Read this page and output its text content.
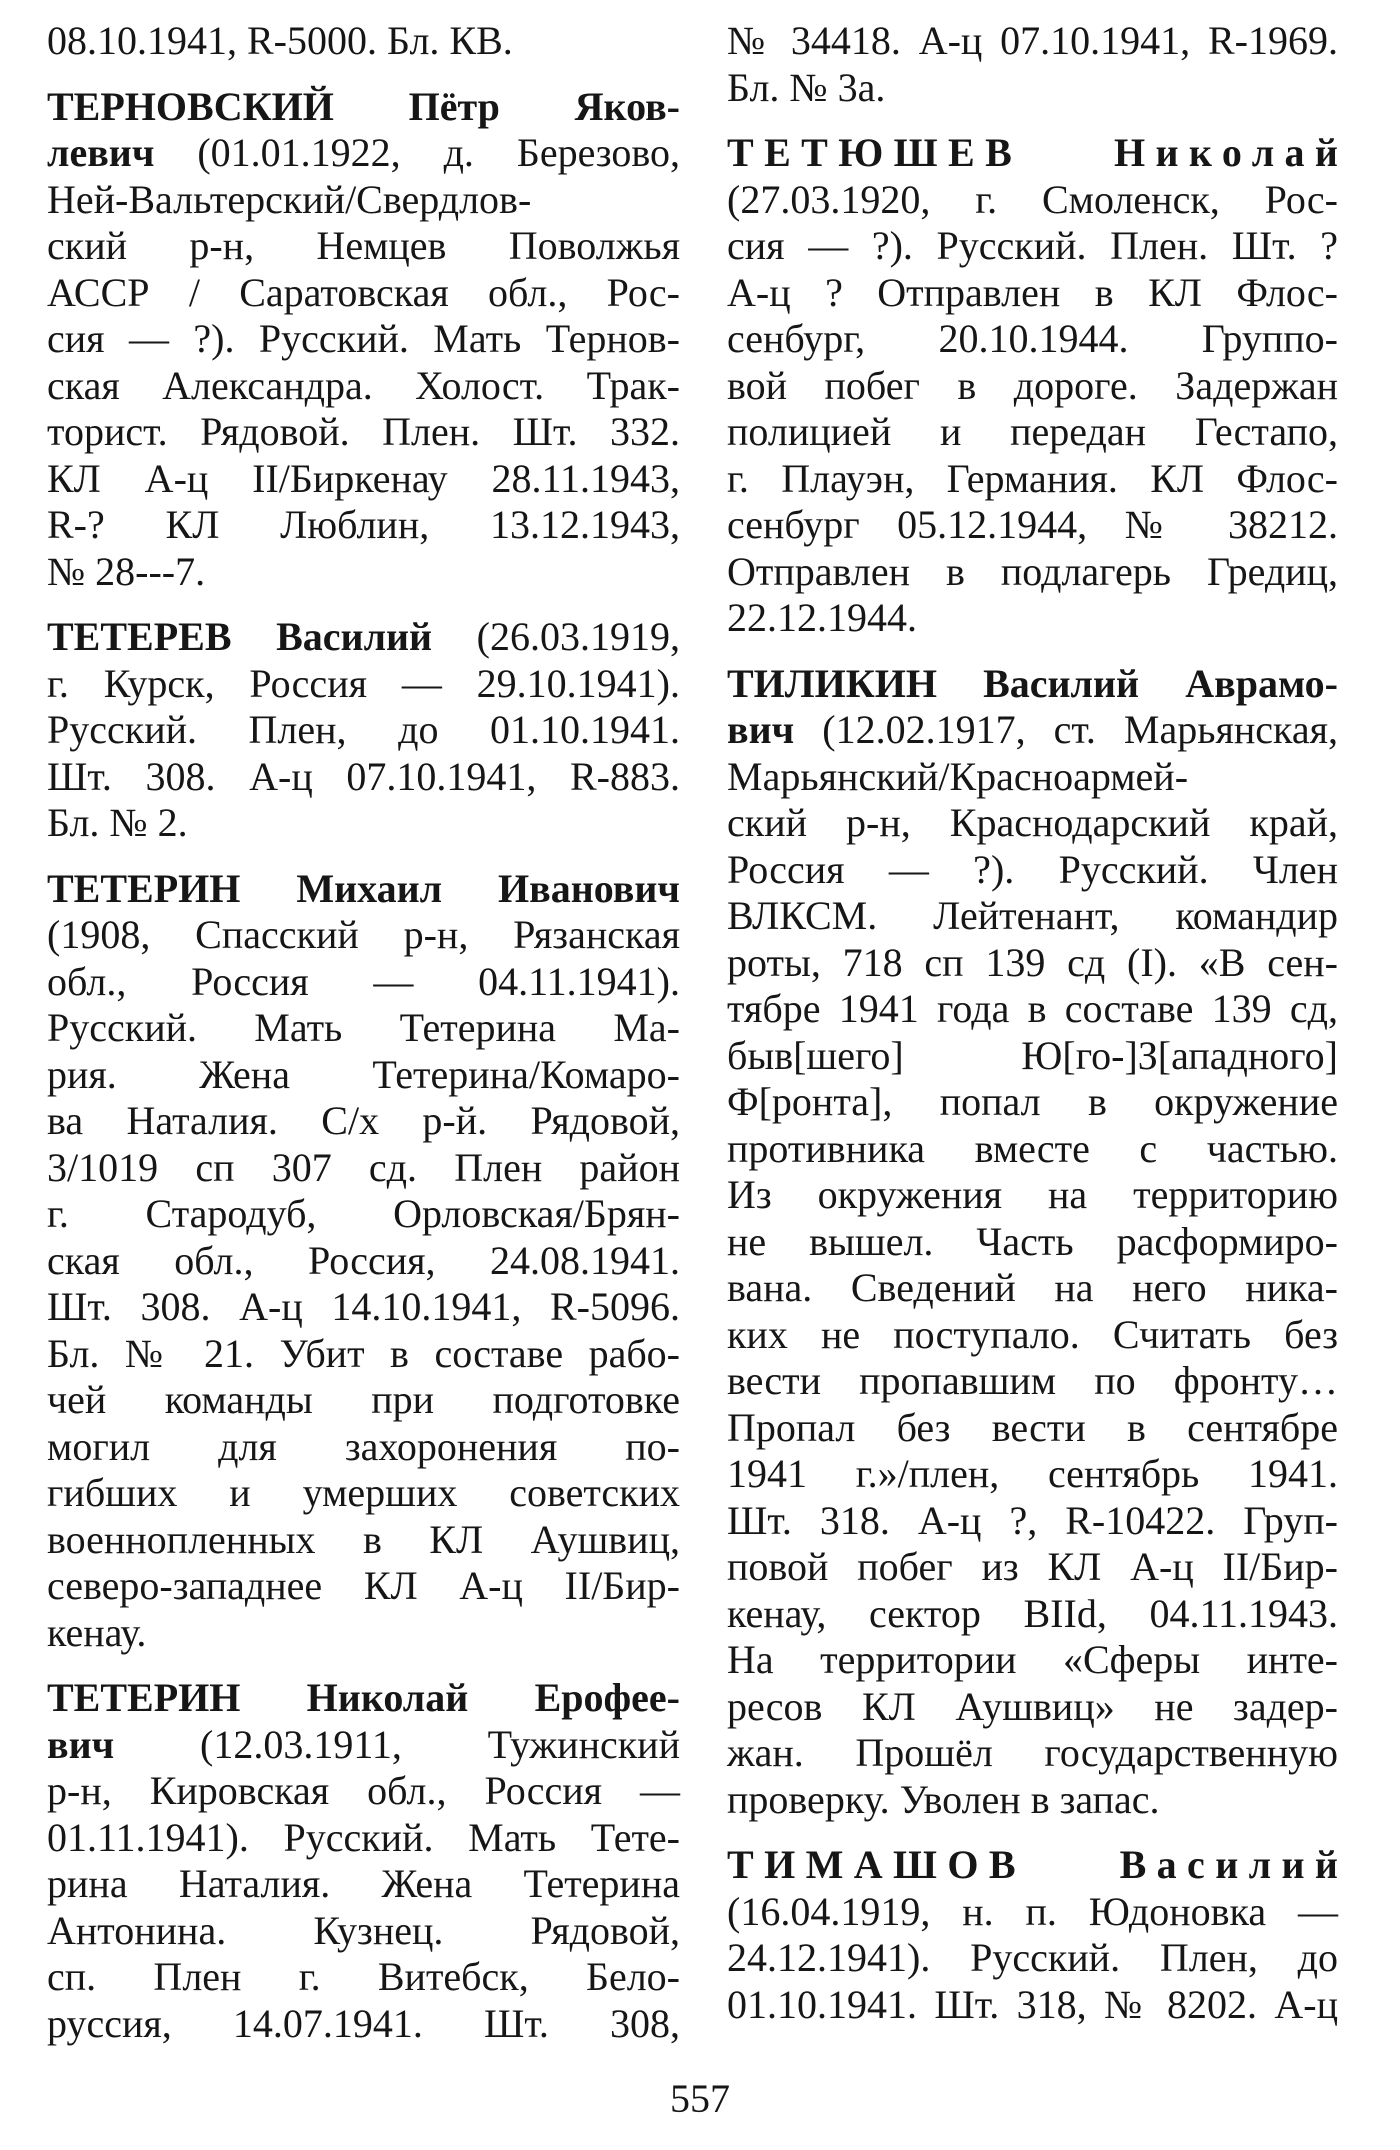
08.10.1941, R-5000. Бл. КВ.
ТЕРНОВСКИЙ Пётр Яков-
левич (01.01.1922, д. Березово,
Ней-Вальтерский/Свердлов-
ский р-н, Немцев Поволжья
АССР / Саратовская обл., Рос-
сия — ?). Русский. Мать Тернов-
ская Александра. Холост. Трак-
торист. Рядовой. Плен. Шт. 332.
КЛ А-ц II/Биркенау 28.11.1943,
R-? КЛ Люблин, 13.12.1943,
№ 28---7.
ТЕТЕРЕВ Василий (26.03.1919,
г. Курск, Россия — 29.10.1941).
Русский. Плен, до 01.10.1941.
Шт. 308. А-ц 07.10.1941, R-883.
Бл. № 2.
ТЕТЕРИН Михаил Иванович
(1908, Спасский р-н, Рязанская
обл., Россия — 04.11.1941).
Русский. Мать Тетерина Ма-
рия. Жена Тетерина/Комаро-
ва Наталия. С/х р-й. Рядовой,
3/1019 сп 307 сд. Плен район
г. Стародуб, Орловская/Брян-
ская обл., Россия, 24.08.1941.
Шт. 308. А-ц 14.10.1941, R-5096.
Бл. № 21. Убит в составе рабо-
чей команды при подготовке
могил для захоронения по-
гибших и умерших советских
военнопленных в КЛ Аушвиц,
северо-западнее КЛ А-ц II/Бир-
кенау.
ТЕТЕРИН Николай Ерофее-
вич (12.03.1911, Тужинский
р-н, Кировская обл., Россия —
01.11.1941). Русский. Мать Тете-
рина Наталия. Жена Тетерина
Антонина. Кузнец. Рядовой,
сп. Плен г. Витебск, Бело-
руссия, 14.07.1941. Шт. 308,
№ 34418. А-ц 07.10.1941, R-1969.
Бл. № 3а.
ТЕТЮШЕВ Николай
(27.03.1920, г. Смоленск, Рос-
сия — ?). Русский. Плен. Шт. ?
А-ц ? Отправлен в КЛ Флос-
сенбург, 20.10.1944. Группо-
вой побег в дороге. Задержан
полицией и передан Гестапо,
г. Плауэн, Германия. КЛ Флос-
сенбург 05.12.1944, № 38212.
Отправлен в подлагерь Гредиц,
22.12.1944.
ТИЛИКИН Василий Аврамо-
вич (12.02.1917, ст. Марьянская,
Марьянский/Красноармей-
ский р-н, Краснодарский край,
Россия — ?). Русский. Член
ВЛКСМ. Лейтенант, командир
роты, 718 сп 139 сд (I). «В сен-
тябре 1941 года в составе 139 сд,
быв[шего] Ю[го-]З[ападного]
Ф[ронта], попал в окружение
противника вместе с частью.
Из окружения на территорию
не вышел. Часть расформиро-
вана. Сведений на него ника-
ких не поступало. Считать без
вести пропавшим по фронту…
Пропал без вести в сентябре
1941 г.»/плен, сентябрь 1941.
Шт. 318. А-ц ?, R-10422. Груп-
повой побег из КЛ А-ц II/Бир-
кенау, сектор BIId, 04.11.1943.
На территории «Сферы инте-
ресов КЛ Аушвиц» не задер-
жан. Прошёл государственную
проверку. Уволен в запас.
ТИМАШОВ Василий
(16.04.1919, н. п. Юдоновка —
24.12.1941). Русский. Плен, до
01.10.1941. Шт. 318, № 8202. А-ц
557
